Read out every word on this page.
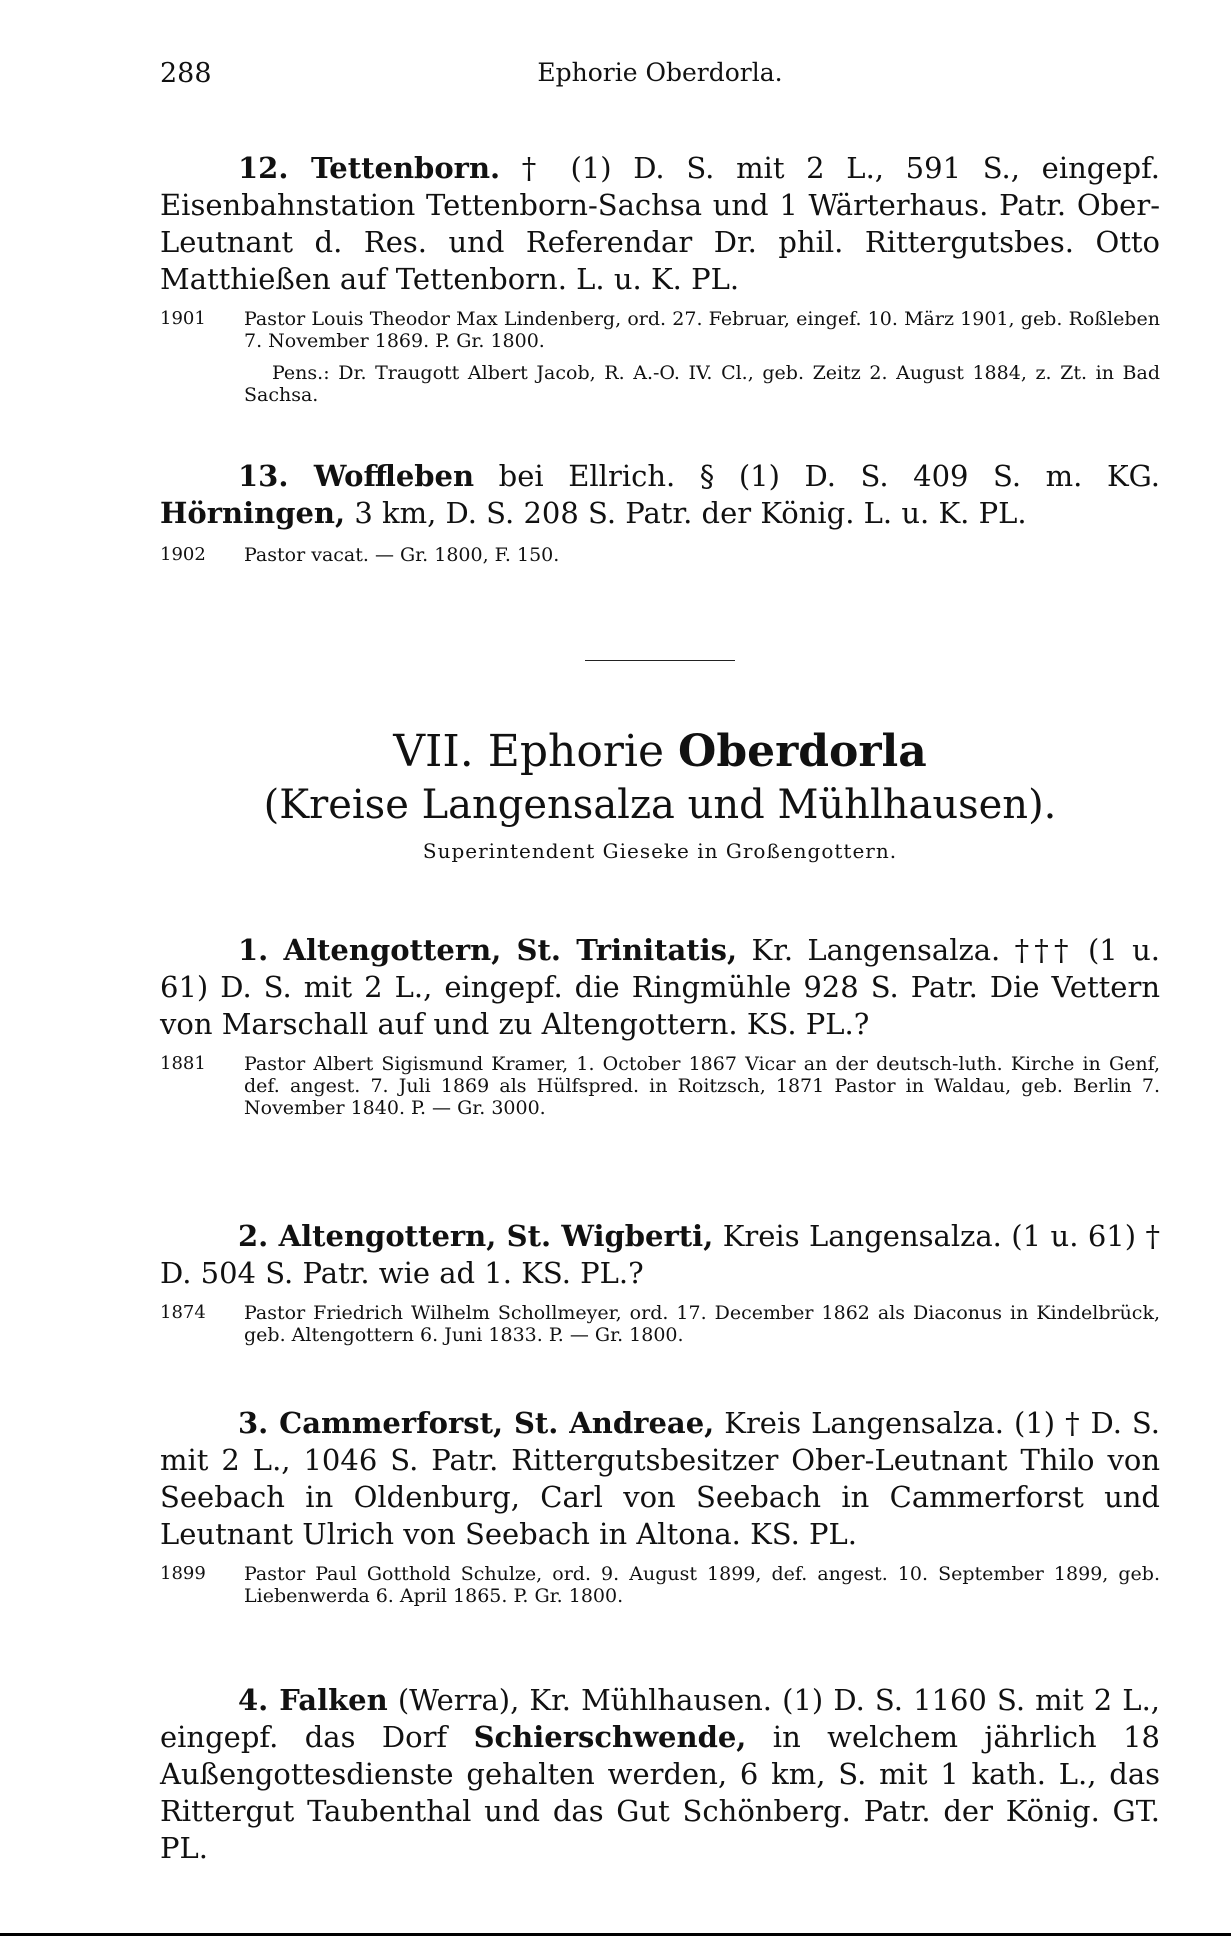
288	Ephorie Oberdorla.

12. Tettenborn. † (1) D. S. mit 2 L., 591 S., eingepf. Eisenbahnstation Tettenborn-Sachsa und 1 Wärterhaus. Patr. Ober-Leutnant d. Res. und Referendar Dr. phil. Rittergutsbes. Otto Matthießen auf Tettenborn. L. u. K. PL.

1901	Pastor Louis Theodor Max Lindenberg, ord. 27. Februar, eingef. 10. März 1901, geb. Roßleben 7. November 1869. P. Gr. 1800.

Pens.: Dr. Traugott Albert Jacob, R. A.-O. IV. Cl., geb. Zeitz 2. August 1884, z. Zt. in Bad Sachsa.

13. Woffleben bei Ellrich. § (1) D. S. 409 S. m. KG. Hörningen, 3 km, D. S. 208 S. Patr. der König. L. u. K. PL.

1902	Pastor vacat. — Gr. 1800, F. 150.

VII. Ephorie Oberdorla

(Kreise Langensalza und Mühlhausen).

Superintendent Gieseke in Großengottern.

1. Altengottern, St. Trinitatis, Kr. Langensalza. ††† (1 u. 61) D. S. mit 2 L., eingepf. die Ringmühle 928 S. Patr. Die Vettern von Marschall auf und zu Altengottern. KS. PL.?

1881	Pastor Albert Sigismund Kramer, 1. October 1867 Vicar an der deutsch-luth. Kirche in Genf, def. angest. 7. Juli 1869 als Hülfspred. in Roitzsch, 1871 Pastor in Waldau, geb. Berlin 7. November 1840. P. — Gr. 3000.

2. Altengottern, St. Wigberti, Kreis Langensalza. (1 u. 61) † D. 504 S. Patr. wie ad 1. KS. PL.?

1874	Pastor Friedrich Wilhelm Schollmeyer, ord. 17. December 1862 als Diaconus in Kindelbrück, geb. Altengottern 6. Juni 1833. P. — Gr. 1800.

3. Cammerforst, St. Andreae, Kreis Langensalza. (1) † D. S. mit 2 L., 1046 S. Patr. Rittergutsbesitzer Ober-Leutnant Thilo von Seebach in Oldenburg, Carl von Seebach in Cammerforst und Leutnant Ulrich von Seebach in Altona. KS. PL.

1899	Pastor Paul Gotthold Schulze, ord. 9. August 1899, def. angest. 10. September 1899, geb. Liebenwerda 6. April 1865. P. Gr. 1800.

4. Falken (Werra), Kr. Mühlhausen. (1) D. S. 1160 S. mit 2 L., eingepf. das Dorf Schierschwende, in welchem jährlich 18 Außengottesdienste gehalten werden, 6 km, S. mit 1 kath. L., das Rittergut Taubenthal und das Gut Schönberg. Patr. der König. GT. PL.
